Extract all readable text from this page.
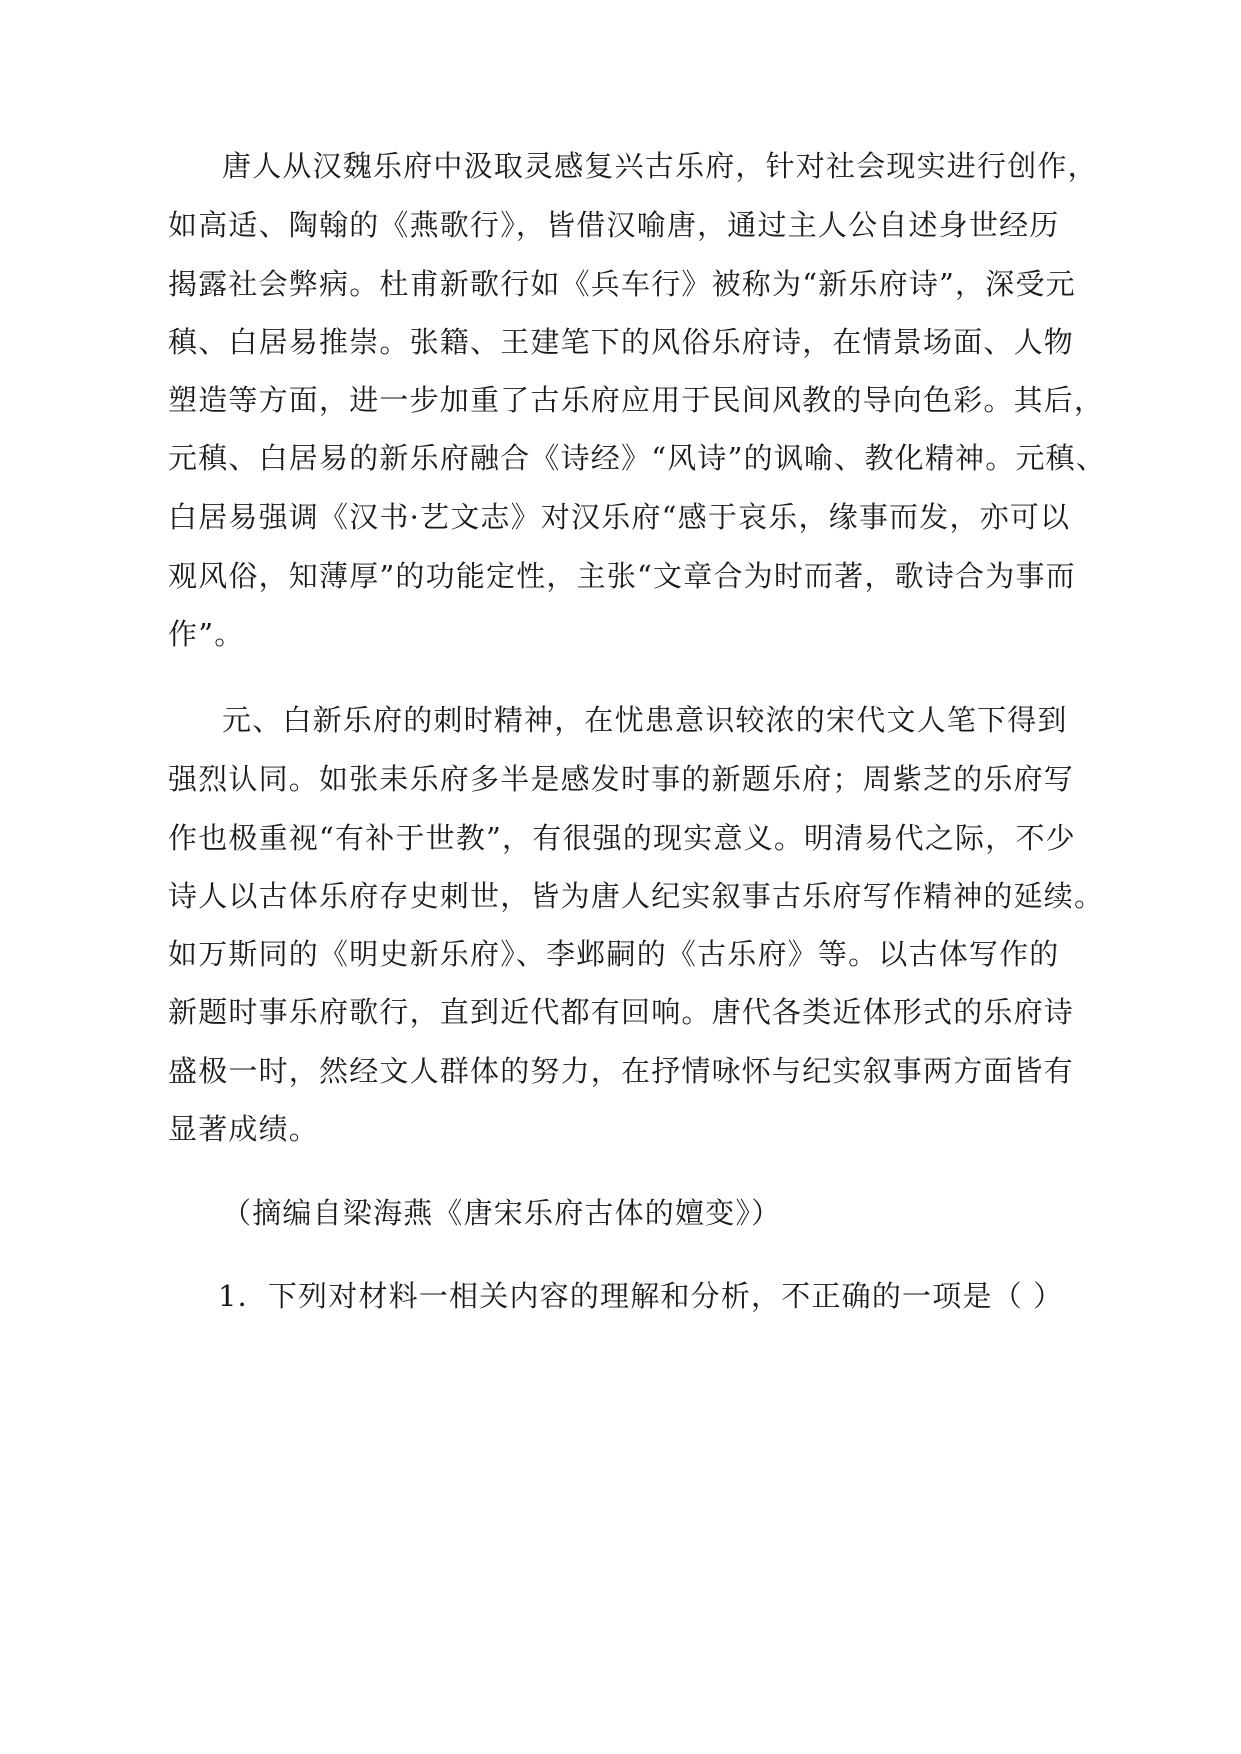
唐人从汉魏乐府中汲取灵感复兴古乐府，针对社会现实进行创作，
如高适、陶翰的《燕歌行》，皆借汉喻唐，通过主人公自述身世经历
揭露社会弊病。杜甫新歌行如《兵车行》被称为“新乐府诗”，深受元
稹、白居易推崇。张籍、王建笔下的风俗乐府诗，在情景场面、人物
塑造等方面，进一步加重了古乐府应用于民间风教的导向色彩。其后，
元稹、白居易的新乐府融合《诗经》“风诗”的讽喻、教化精神。元稹、
白居易强调《汉书·艺文志》对汉乐府“感于哀乐，缘事而发，亦可以
观风俗，知薄厚”的功能定性，主张“文章合为时而著，歌诗合为事而
作”。
元、白新乐府的刺时精神，在忧患意识较浓的宋代文人笔下得到
强烈认同。如张耒乐府多半是感发时事的新题乐府；周紫芝的乐府写
作也极重视“有补于世教”，有很强的现实意义。明清易代之际，不少
诗人以古体乐府存史刺世，皆为唐人纪实叙事古乐府写作精神的延续。
如万斯同的《明史新乐府》、李邺嗣的《古乐府》等。以古体写作的
新题时事乐府歌行，直到近代都有回响。唐代各类近体形式的乐府诗
盛极一时，然经文人群体的努力，在抒情咏怀与纪实叙事两方面皆有
显著成绩。
（摘编自梁海燕《唐宋乐府古体的嬗变》）
1．下列对材料一相关内容的理解和分析，不正确的一项是（ ）
